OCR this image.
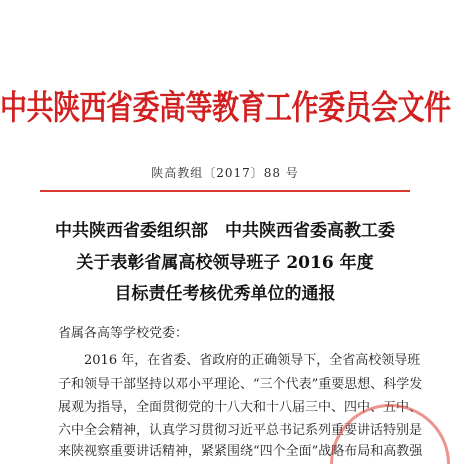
中共陕西省委高等教育工作委员会文件
陕高教组〔2017〕88 号
中共陕西省委组织部　中共陕西省委高教工委
关于表彰省属高校领导班子 2016 年度
目标责任考核优秀单位的通报
省属各高等学校党委：
2016 年，在省委、省政府的正确领导下，全省高校领导班
子和领导干部坚持以邓小平理论、“三个代表”重要思想、科学发
展观为指导，全面贯彻党的十八大和十八届三中、四中、五中、
六中全会精神，认真学习贯彻习近平总书记系列重要讲话特别是
来陕视察重要讲话精神，紧紧围绕“四个全面”战略布局和高教强
